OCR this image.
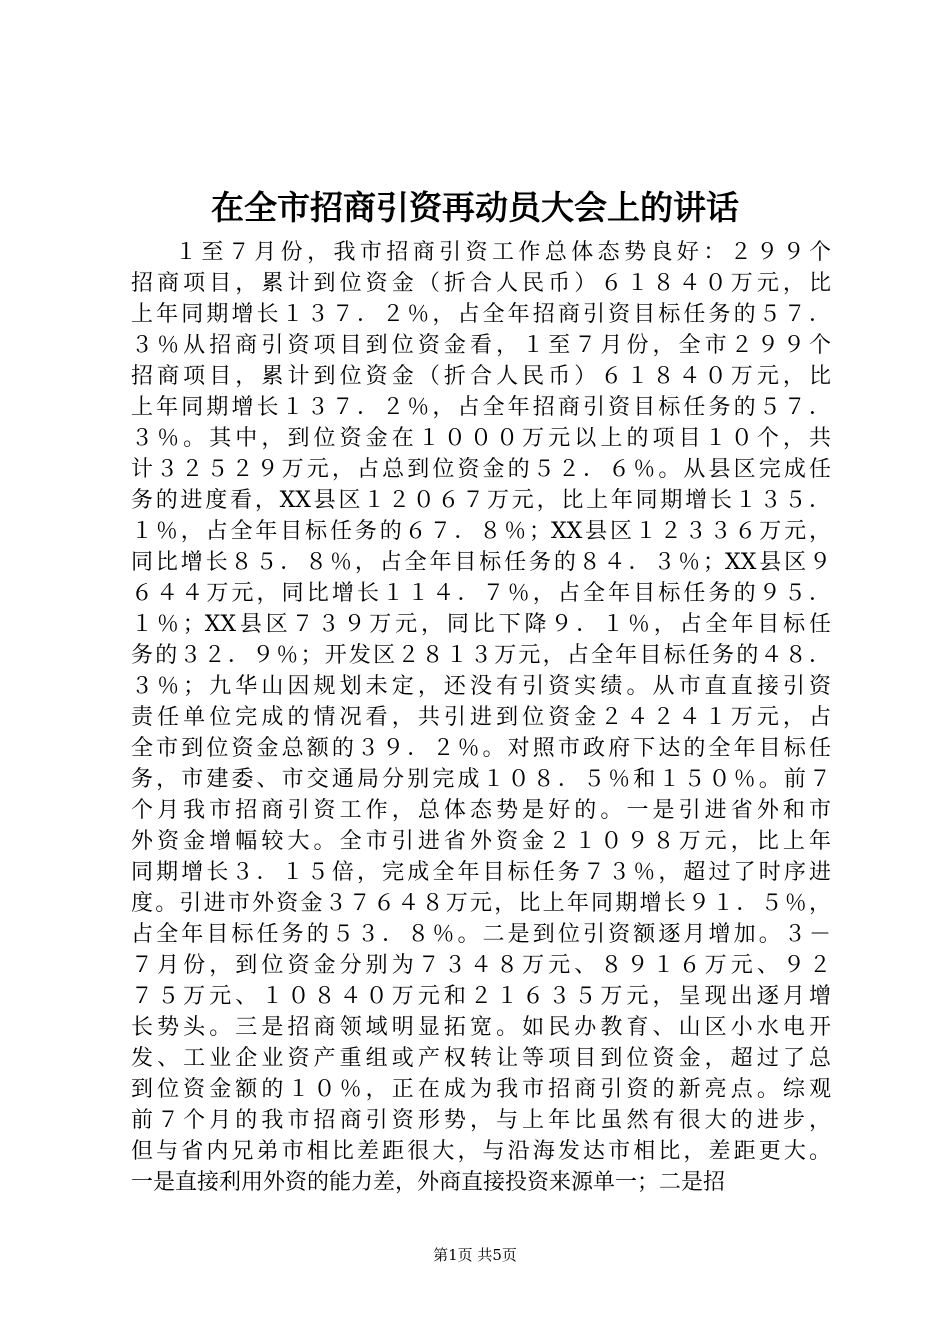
在全市招商引资再动员大会上的讲话
１至７月份，我市招商引资工作总体态势良好：２９９个
招商项目，累计到位资金（折合人民币）６１８４０万元，比
上年同期增长１３７．２％，占全年招商引资目标任务的５７．
３％从招商引资项目到位资金看，１至７月份，全市２９９个
招商项目，累计到位资金（折合人民币）６１８４０万元，比
上年同期增长１３７．２％，占全年招商引资目标任务的５７．
３％。其中，到位资金在１０００万元以上的项目１０个，共
计３２５２９万元，占总到位资金的５２．６％。从县区完成任
务的进度看，XX县区１２０６７万元，比上年同期增长１３５．
１％，占全年目标任务的６７．８％；XX县区１２３３６万元，
同比增长８５．８％，占全年目标任务的８４．３％；XX县区９
６４４万元，同比增长１１４．７％，占全年目标任务的９５．
１％；XX县区７３９万元，同比下降９．１％，占全年目标任
务的３２．９％；开发区２８１３万元，占全年目标任务的４８．
３％；九华山因规划未定，还没有引资实绩。从市直直接引资
责任单位完成的情况看，共引进到位资金２４２４１万元，占
全市到位资金总额的３９．２％。对照市政府下达的全年目标任
务，市建委、市交通局分别完成１０８．５％和１５０％。前７
个月我市招商引资工作，总体态势是好的。一是引进省外和市
外资金增幅较大。全市引进省外资金２１０９８万元，比上年
同期增长３．１５倍，完成全年目标任务７３％，超过了时序进
度。引进市外资金３７６４８万元，比上年同期增长９１．５％，
占全年目标任务的５３．８％。二是到位引资额逐月增加。３－
７月份，到位资金分别为７３４８万元、８９１６万元、９２
７５万元、１０８４０万元和２１６３５万元，呈现出逐月增
长势头。三是招商领域明显拓宽。如民办教育、山区小水电开
发、工业企业资产重组或产权转让等项目到位资金，超过了总
到位资金额的１０％，正在成为我市招商引资的新亮点。综观
前７个月的我市招商引资形势，与上年比虽然有很大的进步，
但与省内兄弟市相比差距很大，与沿海发达市相比，差距更大。
一是直接利用外资的能力差，外商直接投资来源单一；二是招
第1页 共5页
